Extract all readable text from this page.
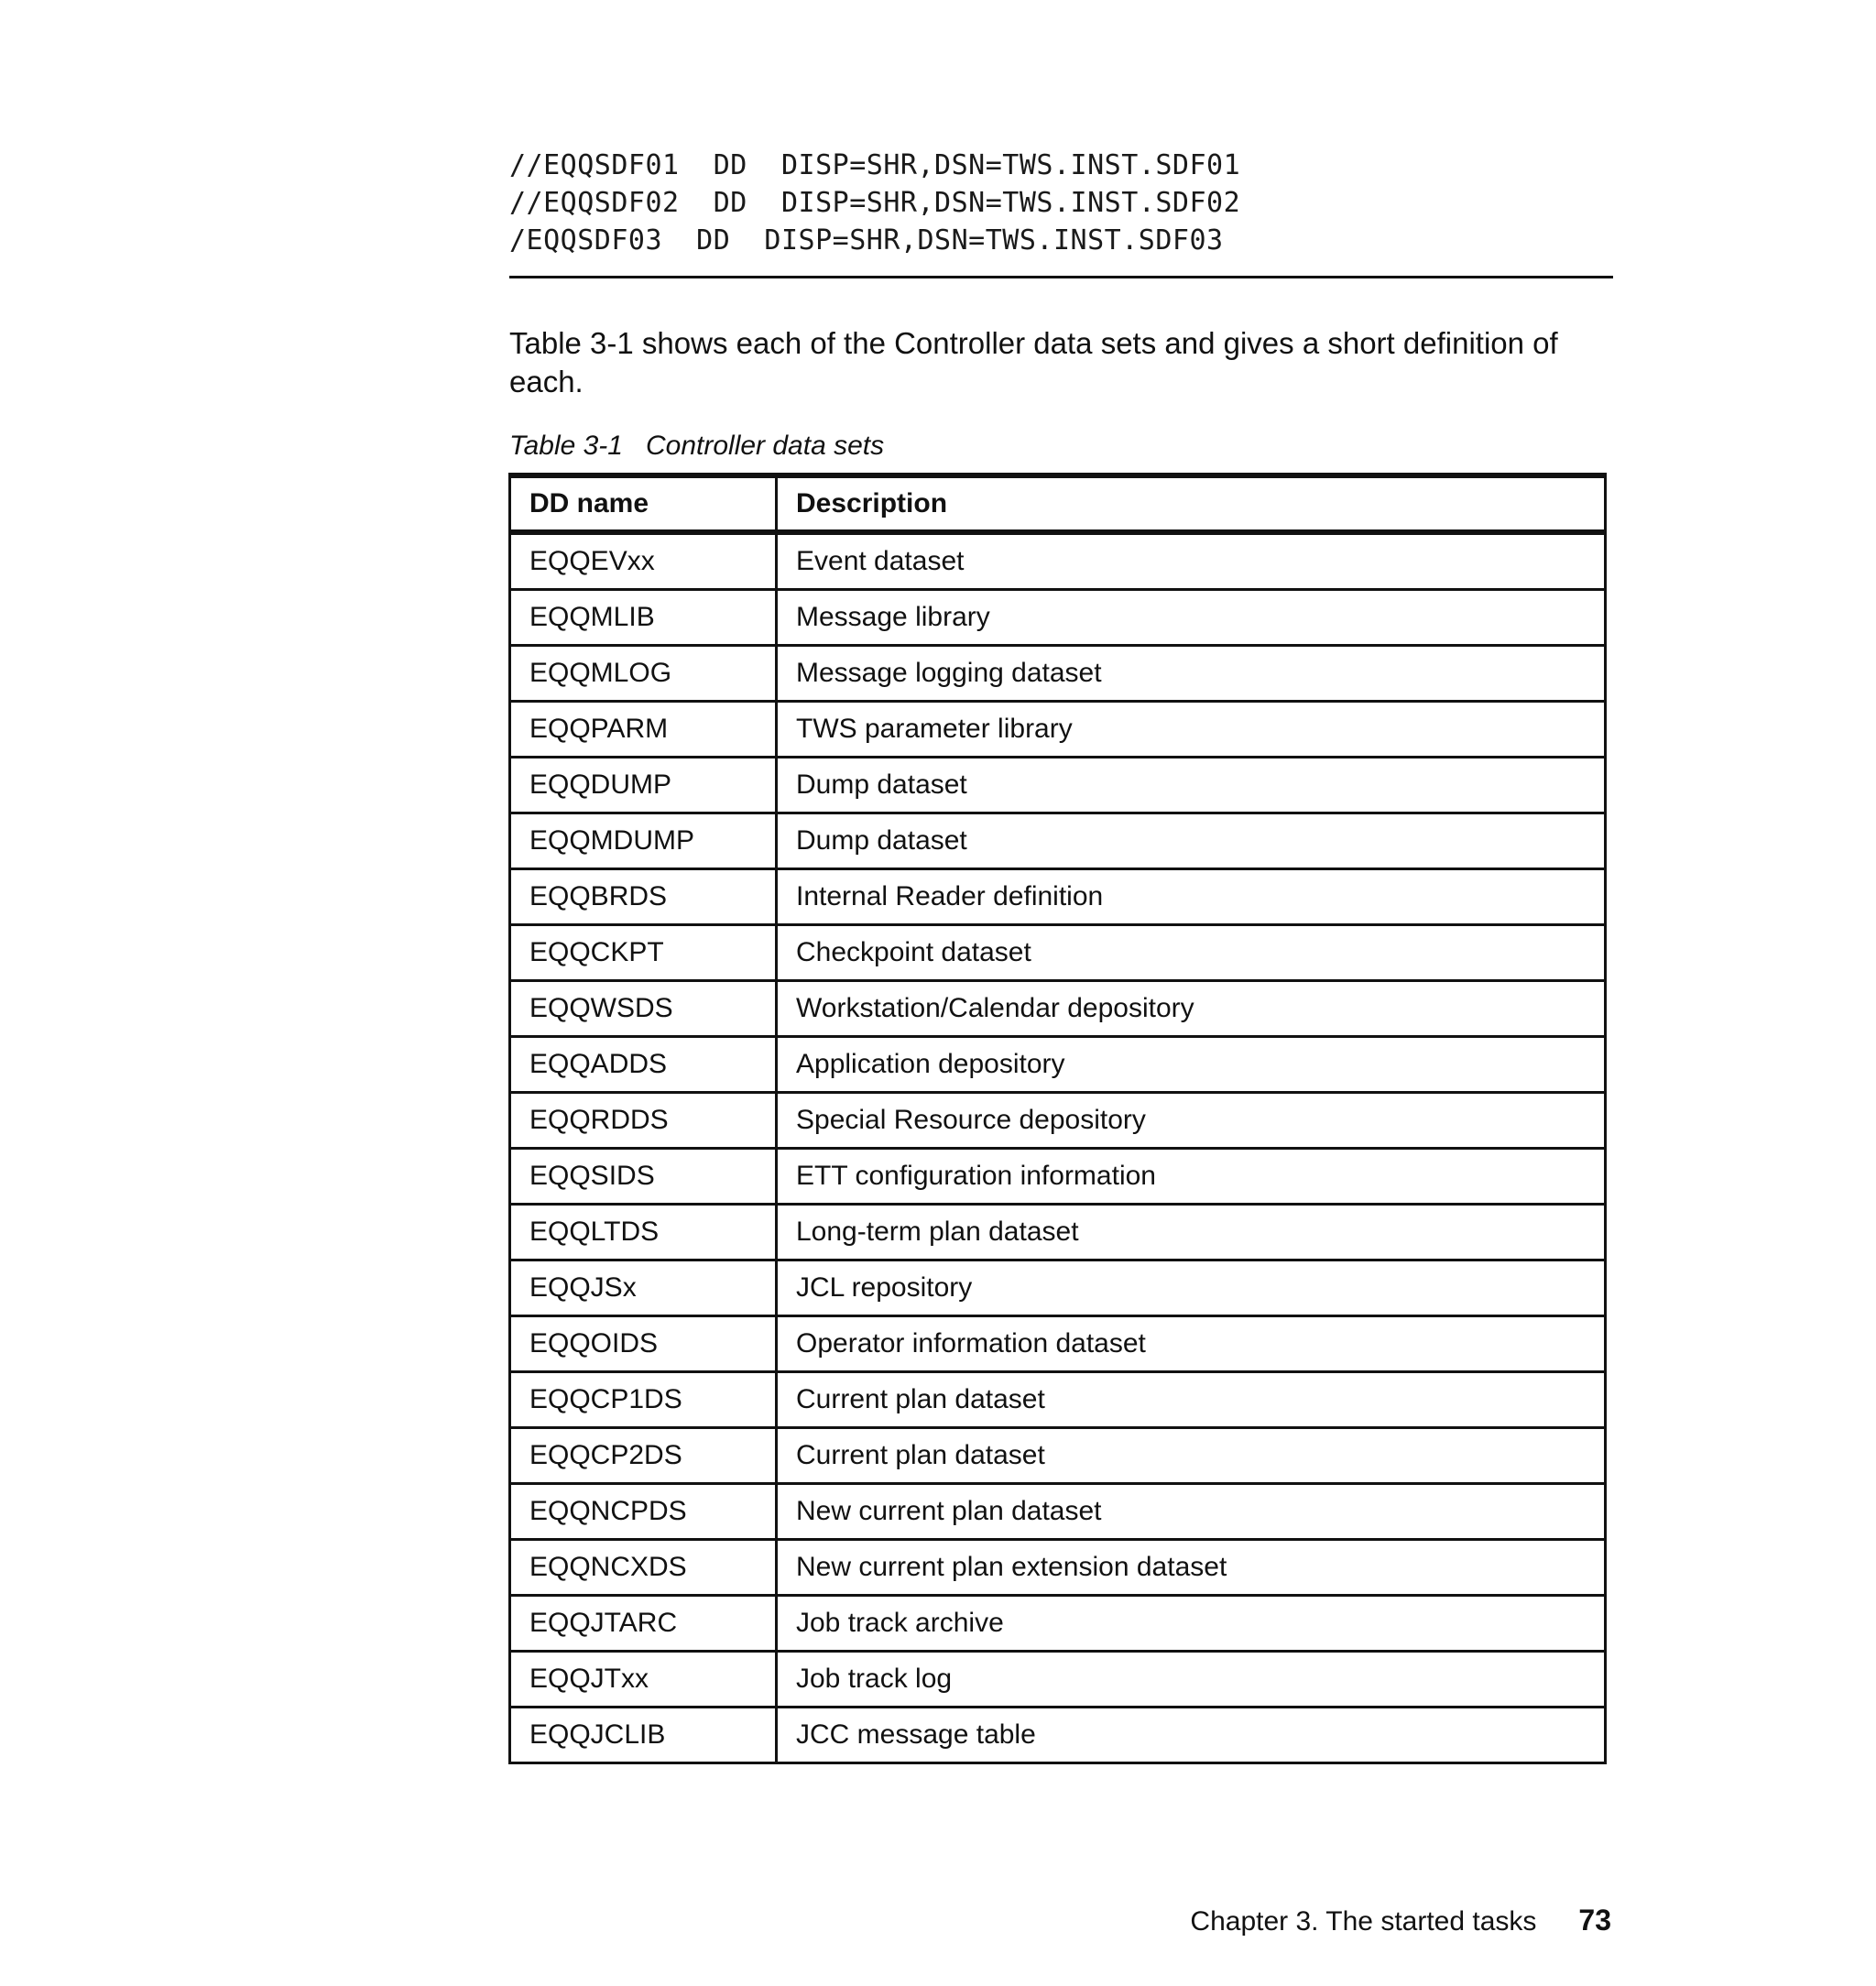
//EQQSDF01  DD  DISP=SHR,DSN=TWS.INST.SDF01
//EQQSDF02  DD  DISP=SHR,DSN=TWS.INST.SDF02
/EQQSDF03  DD  DISP=SHR,DSN=TWS.INST.SDF03

Table 3-1 shows each of the Controller data sets and gives a short definition of each.

Table 3-1   Controller data sets
DD name	Description
EQQEVxx	Event dataset
EQQMLIB	Message library
EQQMLOG	Message logging dataset
EQQPARM	TWS parameter library
EQQDUMP	Dump dataset
EQQMDUMP	Dump dataset
EQQBRDS	Internal Reader definition
EQQCKPT	Checkpoint dataset
EQQWSDS	Workstation/Calendar depository
EQQADDS	Application depository
EQQRDDS	Special Resource depository
EQQSIDS	ETT configuration information
EQQLTDS	Long-term plan dataset
EQQJSx	JCL repository
EQQOIDS	Operator information dataset
EQQCP1DS	Current plan dataset
EQQCP2DS	Current plan dataset
EQQNCPDS	New current plan dataset
EQQNCXDS	New current plan extension dataset
EQQJTARC	Job track archive
EQQJTxx	Job track log
EQQJCLIB	JCC message table
Chapter 3. The started tasks 73
